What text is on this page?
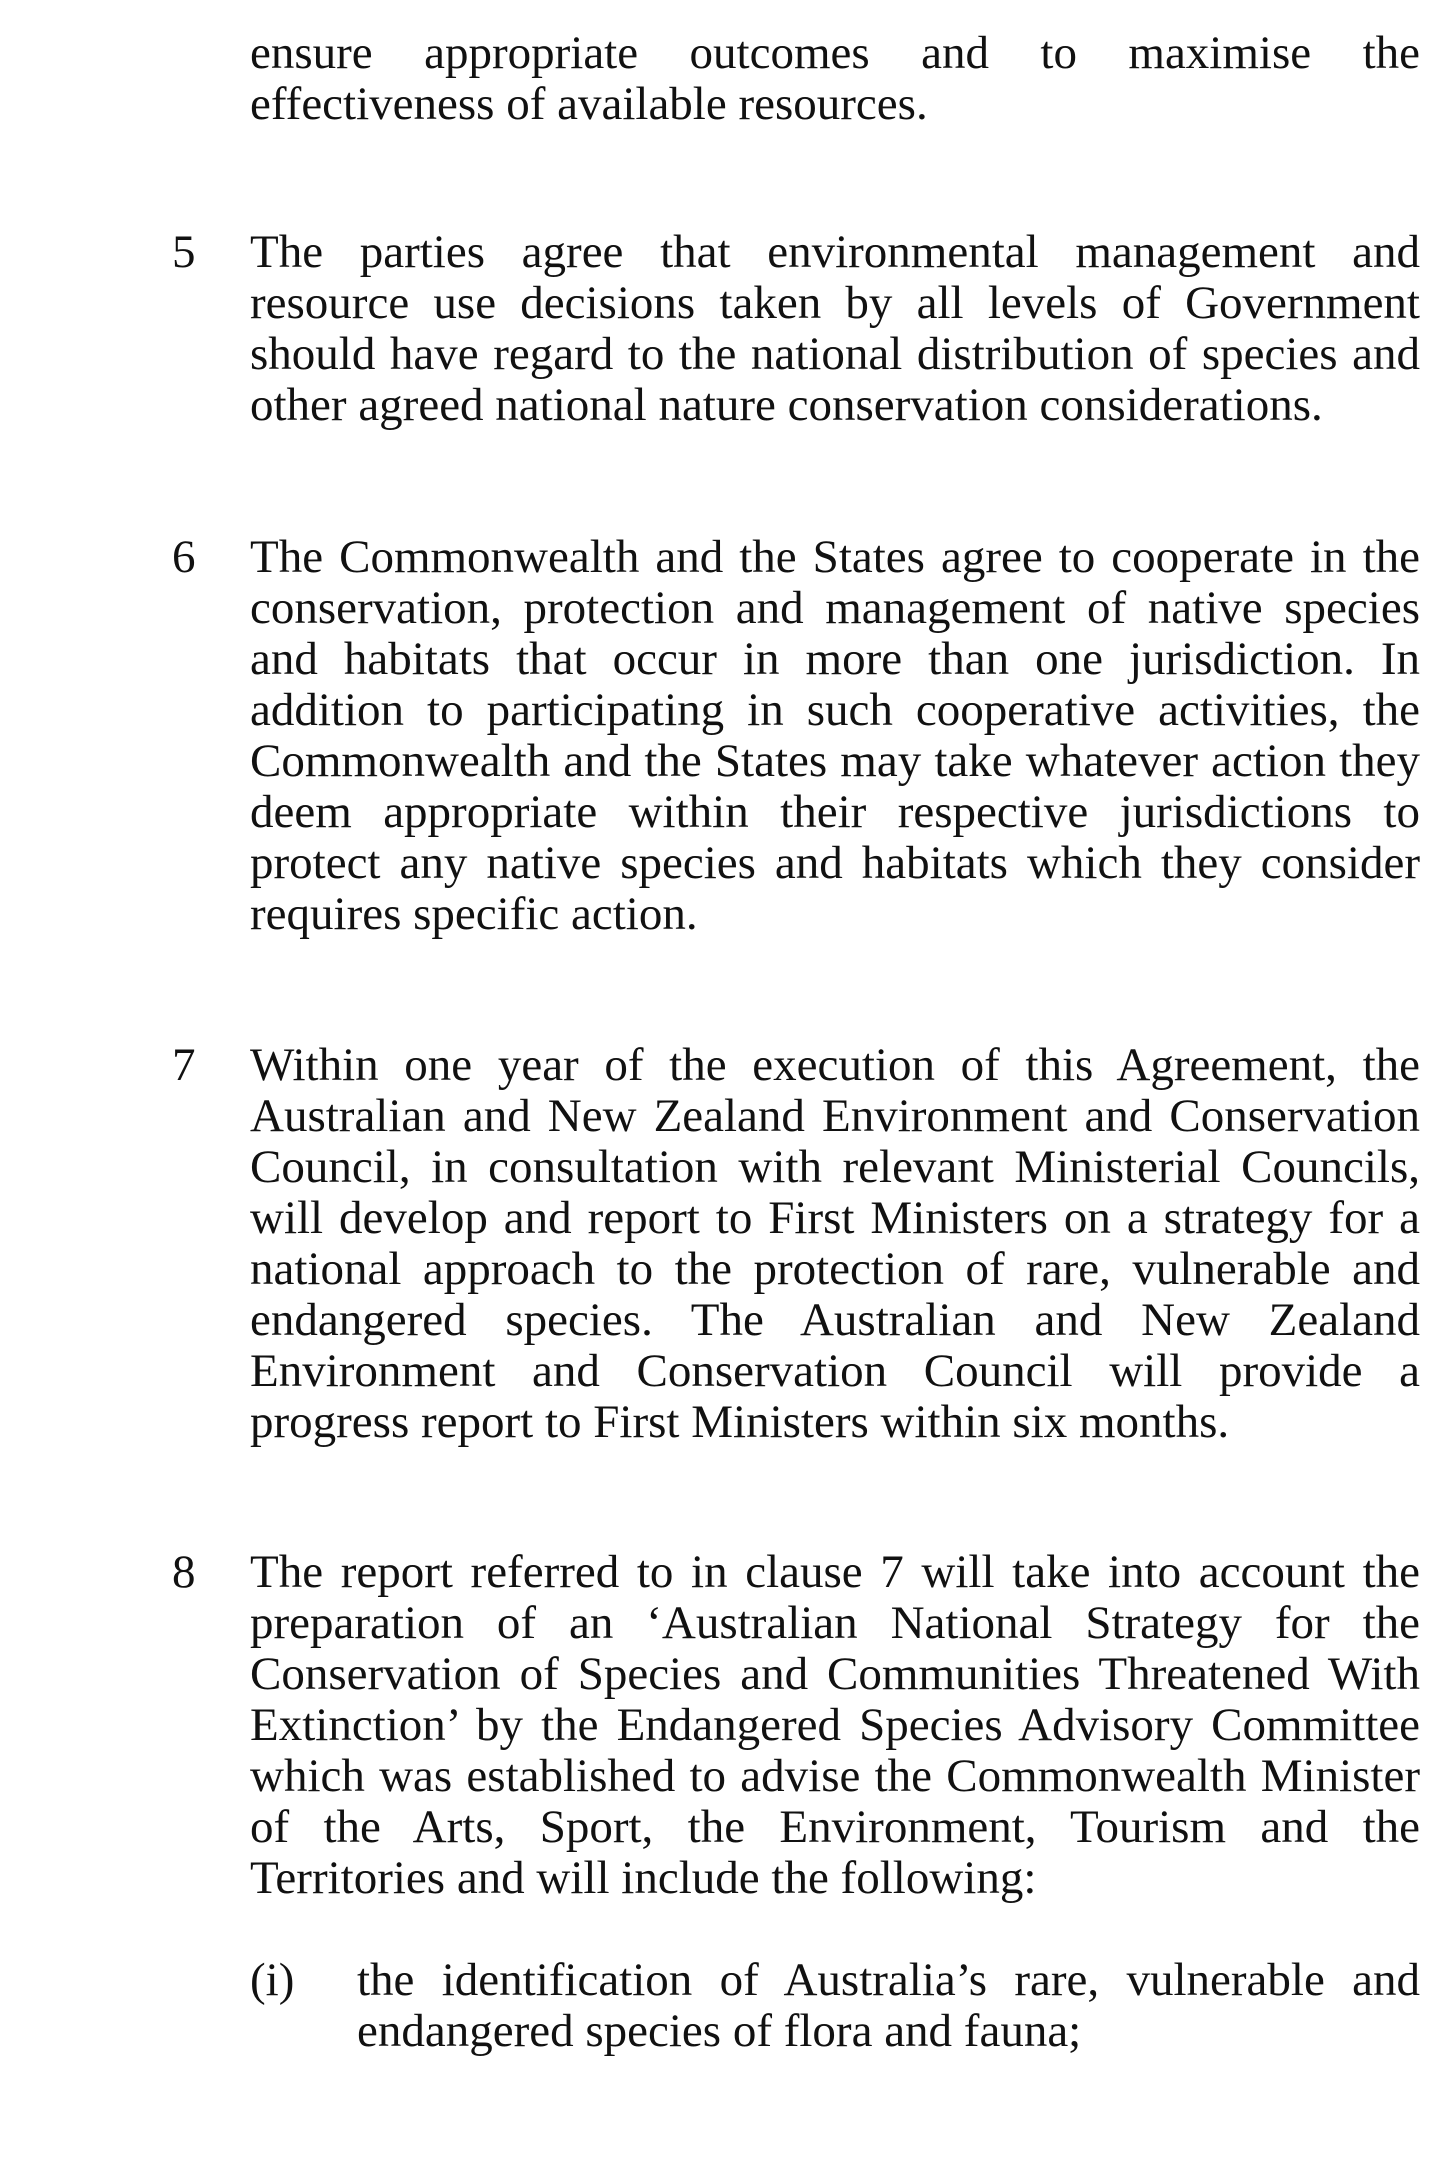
ensure appropriate outcomes and to maximise the effectiveness of available resources.

5 The parties agree that environmental management and resource use decisions taken by all levels of Government should have regard to the national distribution of species and other agreed national nature conservation considerations.

6 The Commonwealth and the States agree to cooperate in the conservation, protection and management of native species and habitats that occur in more than one jurisdiction. In addition to participating in such cooperative activities, the Commonwealth and the States may take whatever action they deem appropriate within their respective jurisdictions to protect any native species and habitats which they consider requires specific action.

7 Within one year of the execution of this Agreement, the Australian and New Zealand Environment and Conservation Council, in consultation with relevant Ministerial Councils, will develop and report to First Ministers on a strategy for a national approach to the protection of rare, vulnerable and endangered species. The Australian and New Zealand Environment and Conservation Council will provide a progress report to First Ministers within six months.

8 The report referred to in clause 7 will take into account the preparation of an ‘Australian National Strategy for the Conservation of Species and Communities Threatened With Extinction’ by the Endangered Species Advisory Committee which was established to advise the Commonwealth Minister of the Arts, Sport, the Environment, Tourism and the Territories and will include the following:

(i) the identification of Australia’s rare, vulnerable and endangered species of flora and fauna;
